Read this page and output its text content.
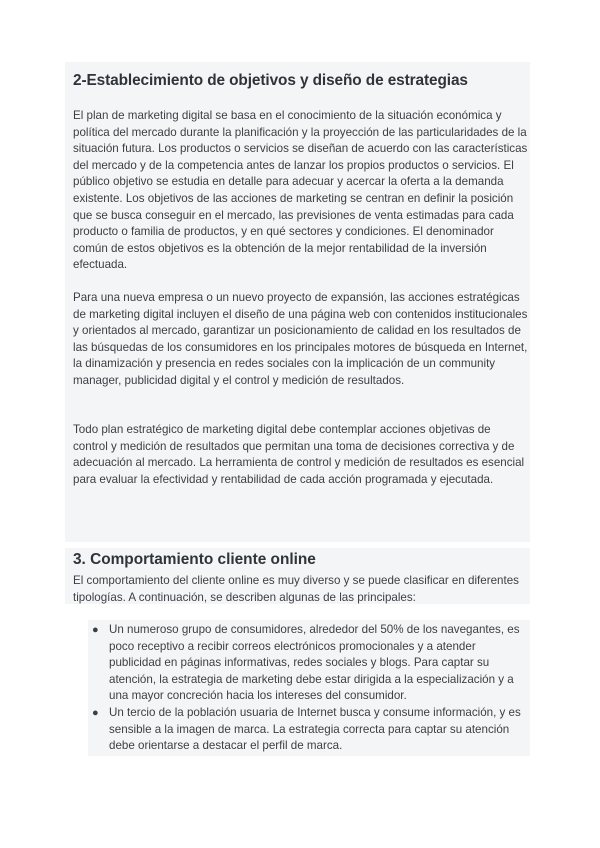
2-Establecimiento de objetivos y diseño de estrategias

El plan de marketing digital se basa en el conocimiento de la situación económica y política del mercado durante la planificación y la proyección de las particularidades de la situación futura. Los productos o servicios se diseñan de acuerdo con las características del mercado y de la competencia antes de lanzar los propios productos o servicios. El público objetivo se estudia en detalle para adecuar y acercar la oferta a la demanda existente. Los objetivos de las acciones de marketing se centran en definir la posición que se busca conseguir en el mercado, las previsiones de venta estimadas para cada producto o familia de productos, y en qué sectores y condiciones. El denominador común de estos objetivos es la obtención de la mejor rentabilidad de la inversión efectuada.

Para una nueva empresa o un nuevo proyecto de expansión, las acciones estratégicas de marketing digital incluyen el diseño de una página web con contenidos institucionales y orientados al mercado, garantizar un posicionamiento de calidad en los resultados de las búsquedas de los consumidores en los principales motores de búsqueda en Internet, la dinamización y presencia en redes sociales con la implicación de un community manager, publicidad digital y el control y medición de resultados.

Todo plan estratégico de marketing digital debe contemplar acciones objetivas de control y medición de resultados que permitan una toma de decisiones correctiva y de adecuación al mercado. La herramienta de control y medición de resultados es esencial para evaluar la efectividad y rentabilidad de cada acción programada y ejecutada.

3. Comportamiento cliente online

El comportamiento del cliente online es muy diverso y se puede clasificar en diferentes tipologías. A continuación, se describen algunas de las principales:

● Un numeroso grupo de consumidores, alrededor del 50% de los navegantes, es poco receptivo a recibir correos electrónicos promocionales y a atender publicidad en páginas informativas, redes sociales y blogs. Para captar su atención, la estrategia de marketing debe estar dirigida a la especialización y a una mayor concreción hacia los intereses del consumidor.
● Un tercio de la población usuaria de Internet busca y consume información, y es sensible a la imagen de marca. La estrategia correcta para captar su atención debe orientarse a destacar el perfil de marca.
